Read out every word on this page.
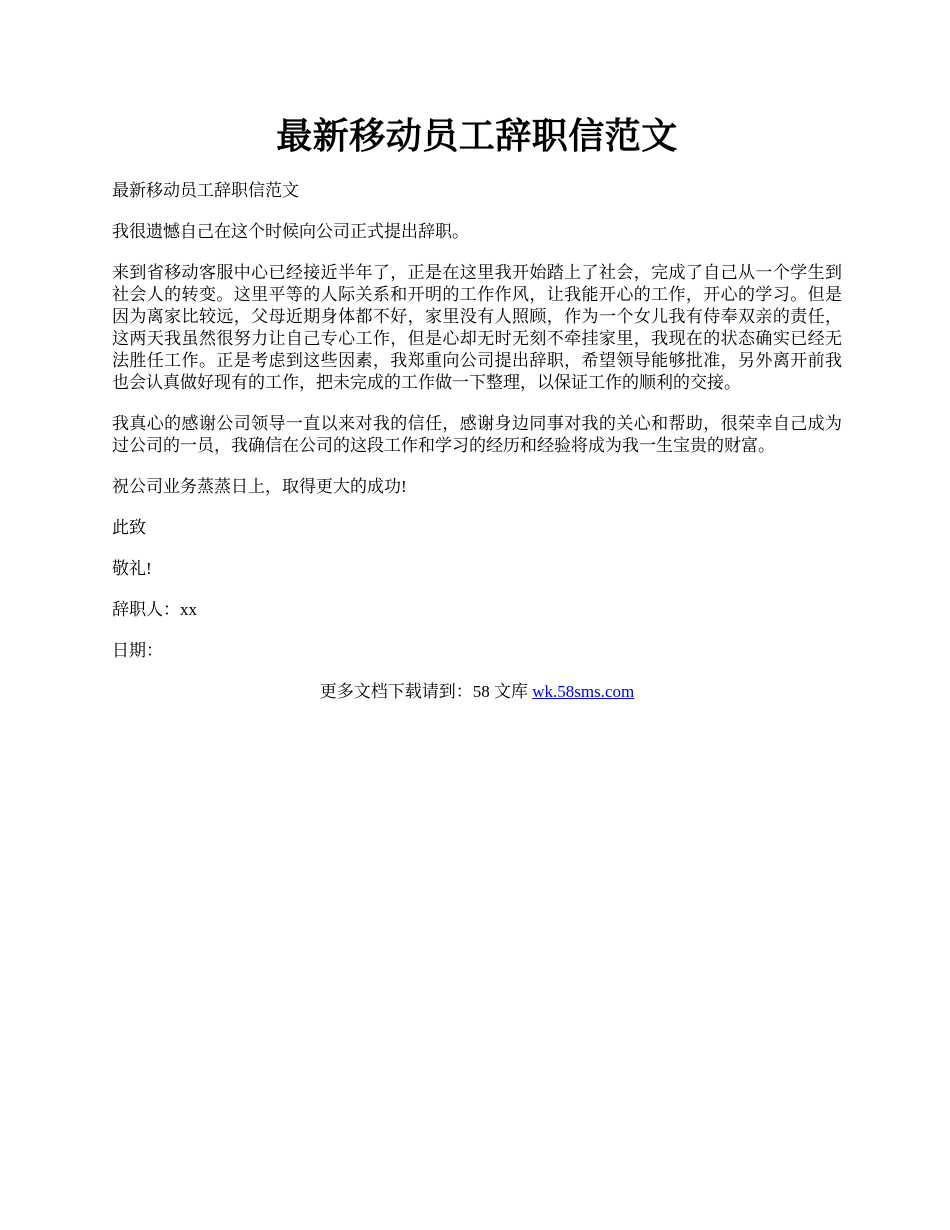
最新移动员工辞职信范文

最新移动员工辞职信范文

我很遗憾自己在这个时候向公司正式提出辞职。

来到省移动客服中心已经接近半年了，正是在这里我开始踏上了社会，完成了自己从一个学生到社会人的转变。这里平等的人际关系和开明的工作作风，让我能开心的工作，开心的学习。但是因为离家比较远，父母近期身体都不好，家里没有人照顾，作为一个女儿我有侍奉双亲的责任，这两天我虽然很努力让自己专心工作，但是心却无时无刻不牵挂家里，我现在的状态确实已经无法胜任工作。正是考虑到这些因素，我郑重向公司提出辞职，希望领导能够批准，另外离开前我也会认真做好现有的工作，把未完成的工作做一下整理，以保证工作的顺利的交接。

我真心的感谢公司领导一直以来对我的信任，感谢身边同事对我的关心和帮助，很荣幸自己成为过公司的一员，我确信在公司的这段工作和学习的经历和经验将成为我一生宝贵的财富。

祝公司业务蒸蒸日上，取得更大的成功!

此致

敬礼!

辞职人：xx

日期：

更多文档下载请到：58 文库 wk.58sms.com
